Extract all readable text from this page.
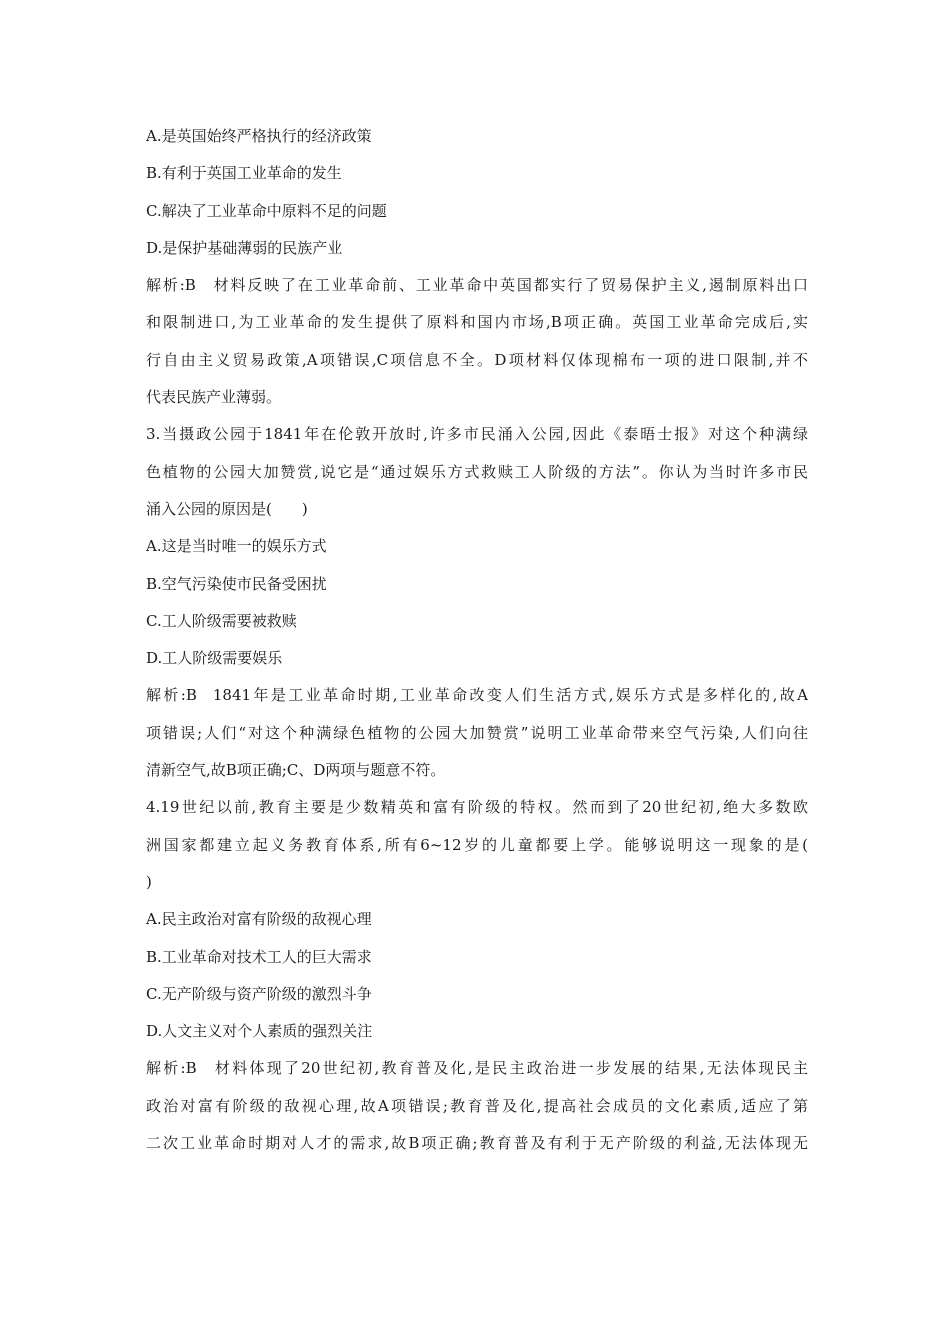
A.是英国始终严格执行的经济政策
B.有利于英国工业革命的发生
C.解决了工业革命中原料不足的问题
D.是保护基础薄弱的民族产业
解析:B 材料反映了在工业革命前、工业革命中英国都实行了贸易保护主义,遏制原料出口
和限制进口,为工业革命的发生提供了原料和国内市场,B项正确。英国工业革命完成后,实
行自由主义贸易政策,A项错误,C项信息不全。D项材料仅体现棉布一项的进口限制,并不
代表民族产业薄弱。
3.当摄政公园于1841年在伦敦开放时,许多市民涌入公园,因此《泰晤士报》对这个种满绿
色植物的公园大加赞赏,说它是“通过娱乐方式救赎工人阶级的方法”。你认为当时许多市民
涌入公园的原因是(　　)
A.这是当时唯一的娱乐方式
B.空气污染使市民备受困扰
C.工人阶级需要被救赎
D.工人阶级需要娱乐
解析:B 1841年是工业革命时期,工业革命改变人们生活方式,娱乐方式是多样化的,故A
项错误;人们“对这个种满绿色植物的公园大加赞赏”说明工业革命带来空气污染,人们向往
清新空气,故B项正确;C、D两项与题意不符。
4.19世纪以前,教育主要是少数精英和富有阶级的特权。然而到了20世纪初,绝大多数欧
洲国家都建立起义务教育体系,所有6~12岁的儿童都要上学。能够说明这一现象的是(
)
A.民主政治对富有阶级的敌视心理
B.工业革命对技术工人的巨大需求
C.无产阶级与资产阶级的激烈斗争
D.人文主义对个人素质的强烈关注
解析:B 材料体现了20世纪初,教育普及化,是民主政治进一步发展的结果,无法体现民主
政治对富有阶级的敌视心理,故A项错误;教育普及化,提高社会成员的文化素质,适应了第
二次工业革命时期对人才的需求,故B项正确;教育普及有利于无产阶级的利益,无法体现无
